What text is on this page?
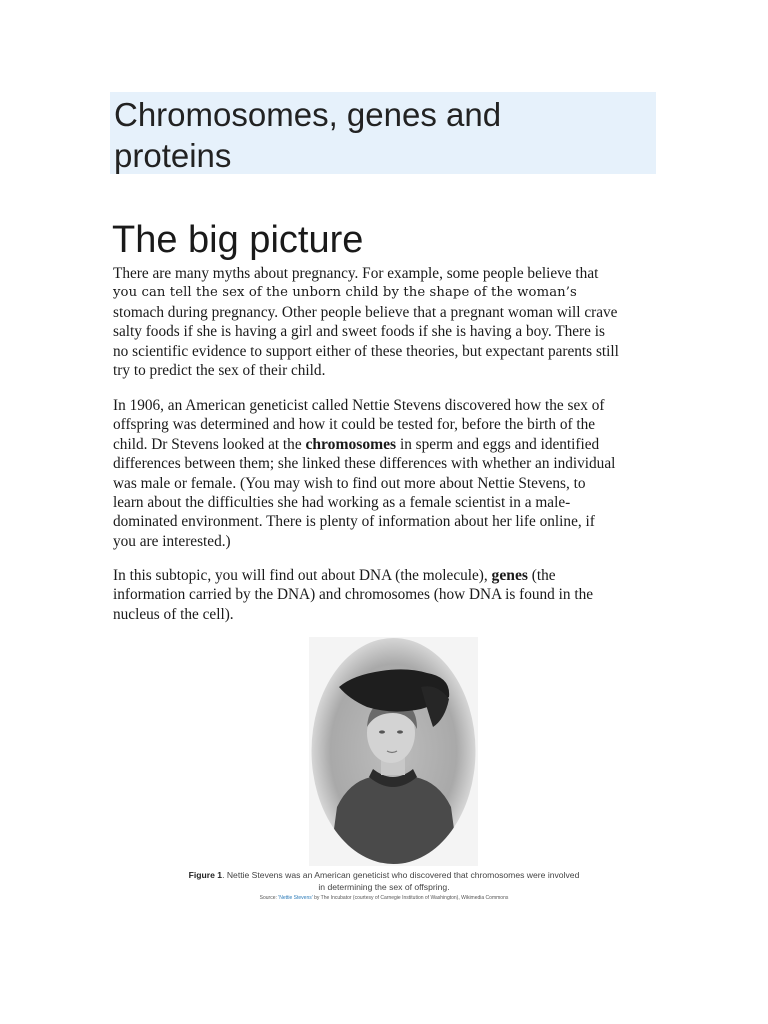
Chromosomes, genes and
proteins
The big picture

There are many myths about pregnancy. For example, some people believe that
you can tell the sex of the unborn child by the shape of the woman’s
stomach during pregnancy. Other people believe that a pregnant woman will crave
salty foods if she is having a girl and sweet foods if she is having a boy. There is
no scientific evidence to support either of these theories, but expectant parents still
try to predict the sex of their child.

In 1906, an American geneticist called Nettie Stevens discovered how the sex of
offspring was determined and how it could be tested for, before the birth of the
child. Dr Stevens looked at the chromosomes in sperm and eggs and identified
differences between them; she linked these differences with whether an individual
was male or female. (You may wish to find out more about Nettie Stevens, to
learn about the difficulties she had working as a female scientist in a male-
dominated environment. There is plenty of information about her life online, if
you are interested.)

In this subtopic, you will find out about DNA (the molecule), genes (the
information carried by the DNA) and chromosomes (how DNA is found in the
nucleus of the cell).

Figure 1. Nettie Stevens was an American geneticist who discovered that chromosomes were involved
in determining the sex of offspring.
Source: 'Nettie Stevens' by The Incubator (courtesy of Carnegie Institution of Washington), Wikimedia Commons
